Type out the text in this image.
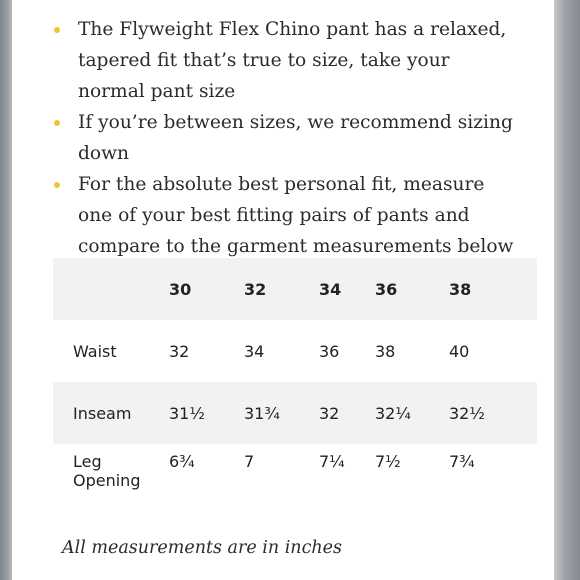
The Flyweight Flex Chino pant has a relaxed, tapered fit that’s true to size, take your normal pant size
If you’re between sizes, we recommend sizing down
For the absolute best personal fit, measure one of your best fitting pairs of pants and compare to the garment measurements below
	30	32	34	36	38
Waist	32	34	36	38	40
Inseam	31½	31¾	32	32¼	32½
Leg Opening	6¾	7	7¼	7½	7¾

All measurements are in inches
